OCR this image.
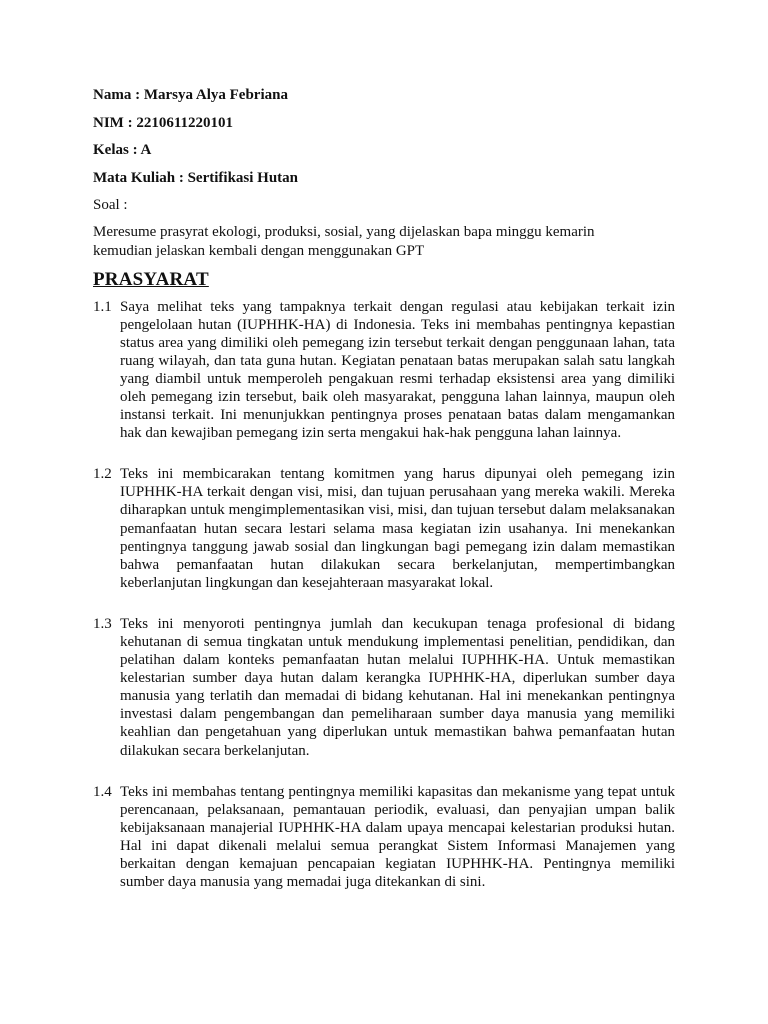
Nama : Marsya Alya Febriana
NIM : 2210611220101
Kelas : A
Mata Kuliah : Sertifikasi Hutan
Soal :
Meresume prasyrat ekologi, produksi, sosial, yang dijelaskan bapa minggu kemarin kemudian jelaskan kembali dengan menggunakan GPT
PRASYARAT
1.1 Saya melihat teks yang tampaknya terkait dengan regulasi atau kebijakan terkait izin pengelolaan hutan (IUPHHK-HA) di Indonesia. Teks ini membahas pentingnya kepastian status area yang dimiliki oleh pemegang izin tersebut terkait dengan penggunaan lahan, tata ruang wilayah, dan tata guna hutan. Kegiatan penataan batas merupakan salah satu langkah yang diambil untuk memperoleh pengakuan resmi terhadap eksistensi area yang dimiliki oleh pemegang izin tersebut, baik oleh masyarakat, pengguna lahan lainnya, maupun oleh instansi terkait. Ini menunjukkan pentingnya proses penataan batas dalam mengamankan hak dan kewajiban pemegang izin serta mengakui hak-hak pengguna lahan lainnya.
1.2 Teks ini membicarakan tentang komitmen yang harus dipunyai oleh pemegang izin IUPHHK-HA terkait dengan visi, misi, dan tujuan perusahaan yang mereka wakili. Mereka diharapkan untuk mengimplementasikan visi, misi, dan tujuan tersebut dalam melaksanakan pemanfaatan hutan secara lestari selama masa kegiatan izin usahanya. Ini menekankan pentingnya tanggung jawab sosial dan lingkungan bagi pemegang izin dalam memastikan bahwa pemanfaatan hutan dilakukan secara berkelanjutan, mempertimbangkan keberlanjutan lingkungan dan kesejahteraan masyarakat lokal.
1.3 Teks ini menyoroti pentingnya jumlah dan kecukupan tenaga profesional di bidang kehutanan di semua tingkatan untuk mendukung implementasi penelitian, pendidikan, dan pelatihan dalam konteks pemanfaatan hutan melalui IUPHHK-HA. Untuk memastikan kelestarian sumber daya hutan dalam kerangka IUPHHK-HA, diperlukan sumber daya manusia yang terlatih dan memadai di bidang kehutanan. Hal ini menekankan pentingnya investasi dalam pengembangan dan pemeliharaan sumber daya manusia yang memiliki keahlian dan pengetahuan yang diperlukan untuk memastikan bahwa pemanfaatan hutan dilakukan secara berkelanjutan.
1.4 Teks ini membahas tentang pentingnya memiliki kapasitas dan mekanisme yang tepat untuk perencanaan, pelaksanaan, pemantauan periodik, evaluasi, dan penyajian umpan balik kebijaksanaan manajerial IUPHHK-HA dalam upaya mencapai kelestarian produksi hutan. Hal ini dapat dikenali melalui semua perangkat Sistem Informasi Manajemen yang berkaitan dengan kemajuan pencapaian kegiatan IUPHHK-HA. Pentingnya memiliki sumber daya manusia yang memadai juga ditekankan di sini.
